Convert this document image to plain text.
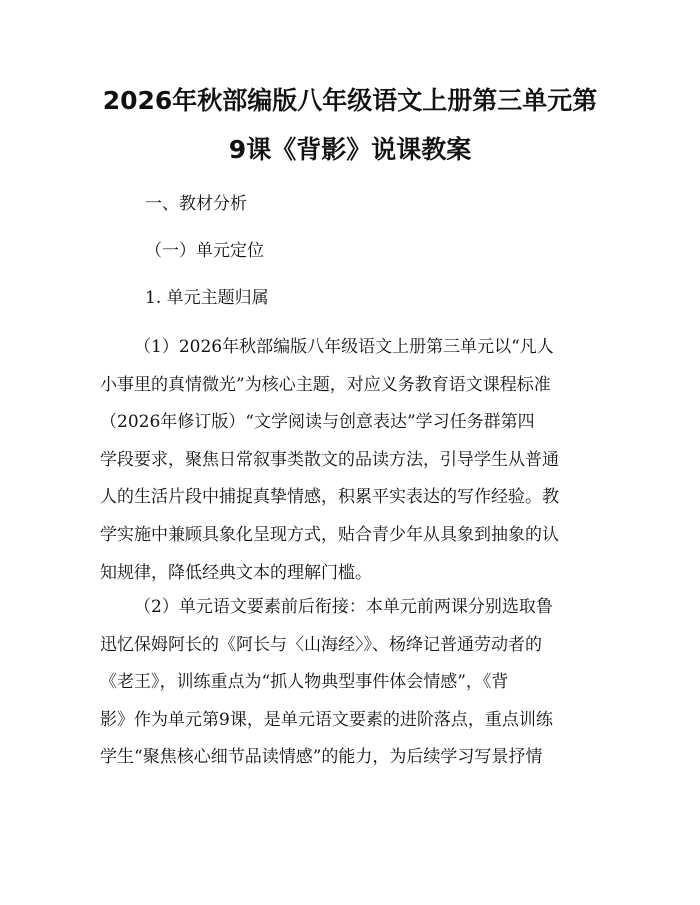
2026年秋部编版八年级语文上册第三单元第
9课《背影》说课教案
一、教材分析
（一）单元定位
1. 单元主题归属
（1）2026年秋部编版八年级语文上册第三单元以“凡人
小事里的真情微光”为核心主题，对应义务教育语文课程标准
（2026年修订版）“文学阅读与创意表达”学习任务群第四
学段要求，聚焦日常叙事类散文的品读方法，引导学生从普通
人的生活片段中捕捉真挚情感，积累平实表达的写作经验。教
学实施中兼顾具象化呈现方式，贴合青少年从具象到抽象的认
知规律，降低经典文本的理解门槛。
（2）单元语文要素前后衔接：本单元前两课分别选取鲁
迅忆保姆阿长的《阿长与〈山海经〉》、杨绛记普通劳动者的
《老王》，训练重点为“抓人物典型事件体会情感”，《背
影》作为单元第9课，是单元语文要素的进阶落点，重点训练
学生“聚焦核心细节品读情感”的能力，为后续学习写景抒情
